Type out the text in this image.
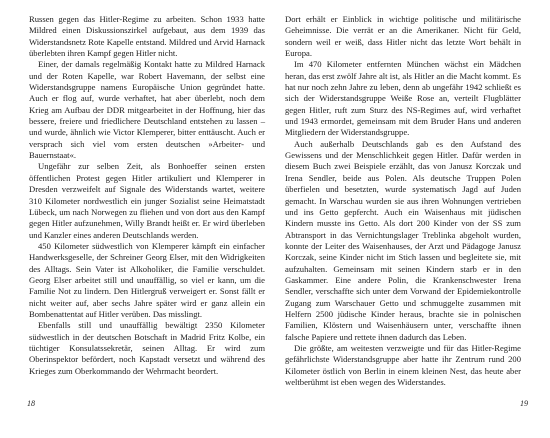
Russen gegen das Hitler-Regime zu arbeiten. Schon 1933 hatte Mildred einen Diskussionszirkel aufgebaut, aus dem 1939 das Widerstandsnetz Rote Kapelle entstand. Mildred und Arvid Harnack überlebten ihren Kampf gegen Hitler nicht.

Einer, der damals regelmäßig Kontakt hatte zu Mildred Harnack und der Roten Kapelle, war Robert Havemann, der selbst eine Widerstandsgruppe namens Europäische Union gegründet hatte. Auch er flog auf, wurde verhaftet, hat aber überlebt, noch dem Krieg am Aufbau der DDR mitgearbeitet in der Hoffnung, hier das bessere, freiere und friedlichere Deutschland entstehen zu lassen – und wurde, ähnlich wie Victor Klemperer, bitter enttäuscht. Auch er versprach sich viel vom ersten deutschen »Arbeiter- und Bauernstaat«.

Ungefähr zur selben Zeit, als Bonhoeffer seinen ersten öffentlichen Protest gegen Hitler artikuliert und Klemperer in Dresden verzweifelt auf Signale des Widerstands wartet, weitere 310 Kilometer nordwestlich ein junger Sozialist seine Heimatstadt Lübeck, um nach Norwegen zu fliehen und von dort aus den Kampf gegen Hitler aufzunehmen, Willy Brandt heißt er. Er wird überleben und Kanzler eines anderen Deutschlands werden.

450 Kilometer südwestlich von Klemperer kämpft ein einfacher Handwerksgeselle, der Schreiner Georg Elser, mit den Widrigkeiten des Alltags. Sein Vater ist Alkoholiker, die Familie verschuldet. Georg Elser arbeitet still und unauffällig, so viel er kann, um die Familie Not zu lindern. Den Hitlergruß verweigert er. Sonst fällt er nicht weiter auf, aber sechs Jahre später wird er ganz allein ein Bombenattentat auf Hitler verüben. Das misslingt.

Ebenfalls still und unauffällig bewältigt 2350 Kilometer südwestlich in der deutschen Botschaft in Madrid Fritz Kolbe, ein tüchtiger Konsulatssekretär, seinen Alltag. Er wird zum Oberinspektor befördert, noch Kapstadt versetzt und während des Krieges zum Oberkommando der Wehrmacht beordert.

18

Dort erhält er Einblick in wichtige politische und militärische Geheimnisse. Die verrät er an die Amerikaner. Nicht für Geld, sondern weil er weiß, dass Hitler nicht das letzte Wort behält in Europa.

Im 470 Kilometer entfernten München wächst ein Mädchen heran, das erst zwölf Jahre alt ist, als Hitler an die Macht kommt. Es hat nur noch zehn Jahre zu leben, denn ab ungefähr 1942 schließt es sich der Widerstandsgruppe Weiße Rose an, verteilt Flugblätter gegen Hitler, ruft zum Sturz des NS-Regimes auf, wird verhaftet und 1943 ermordet, gemeinsam mit dem Bruder Hans und anderen Mitgliedern der Widerstandsgruppe.

Auch außerhalb Deutschlands gab es den Aufstand des Gewissens und der Menschlichkeit gegen Hitler. Dafür werden in diesem Buch zwei Beispiele erzählt, das von Janusz Korczak und Irena Sendler, beide aus Polen. Als deutsche Truppen Polen überfielen und besetzten, wurde systematisch Jagd auf Juden gemacht. In Warschau wurden sie aus ihren Wohnungen vertrieben und ins Getto gepfercht. Auch ein Waisenhaus mit jüdischen Kindern musste ins Getto. Als dort 200 Kinder von der SS zum Abtransport in das Vernichtungslager Treblinka abgeholt wurden, konnte der Leiter des Waisenhauses, der Arzt und Pädagoge Janusz Korczak, seine Kinder nicht im Stich lassen und begleitete sie, mit aufzuhalten. Gemeinsam mit seinen Kindern starb er in den Gaskammer. Eine andere Polin, die Krankenschwester Irena Sendler, verschaffte sich unter dem Vorwand der Epidemiekontrolle Zugang zum Warschauer Getto und schmuggelte zusammen mit Helfern 2500 jüdische Kinder heraus, brachte sie in polnischen Familien, Klöstern und Waisenhäusern unter, verschaffte ihnen falsche Papiere und rettete ihnen dadurch das Leben.

Die größte, am weitesten verzweigte und für das Hitler-Regime gefährlichste Widerstandsgruppe aber hatte ihr Zentrum rund 200 Kilometer östlich von Berlin in einem kleinen Nest, das heute aber weltberühmt ist eben wegen des Widerstandes.

19
